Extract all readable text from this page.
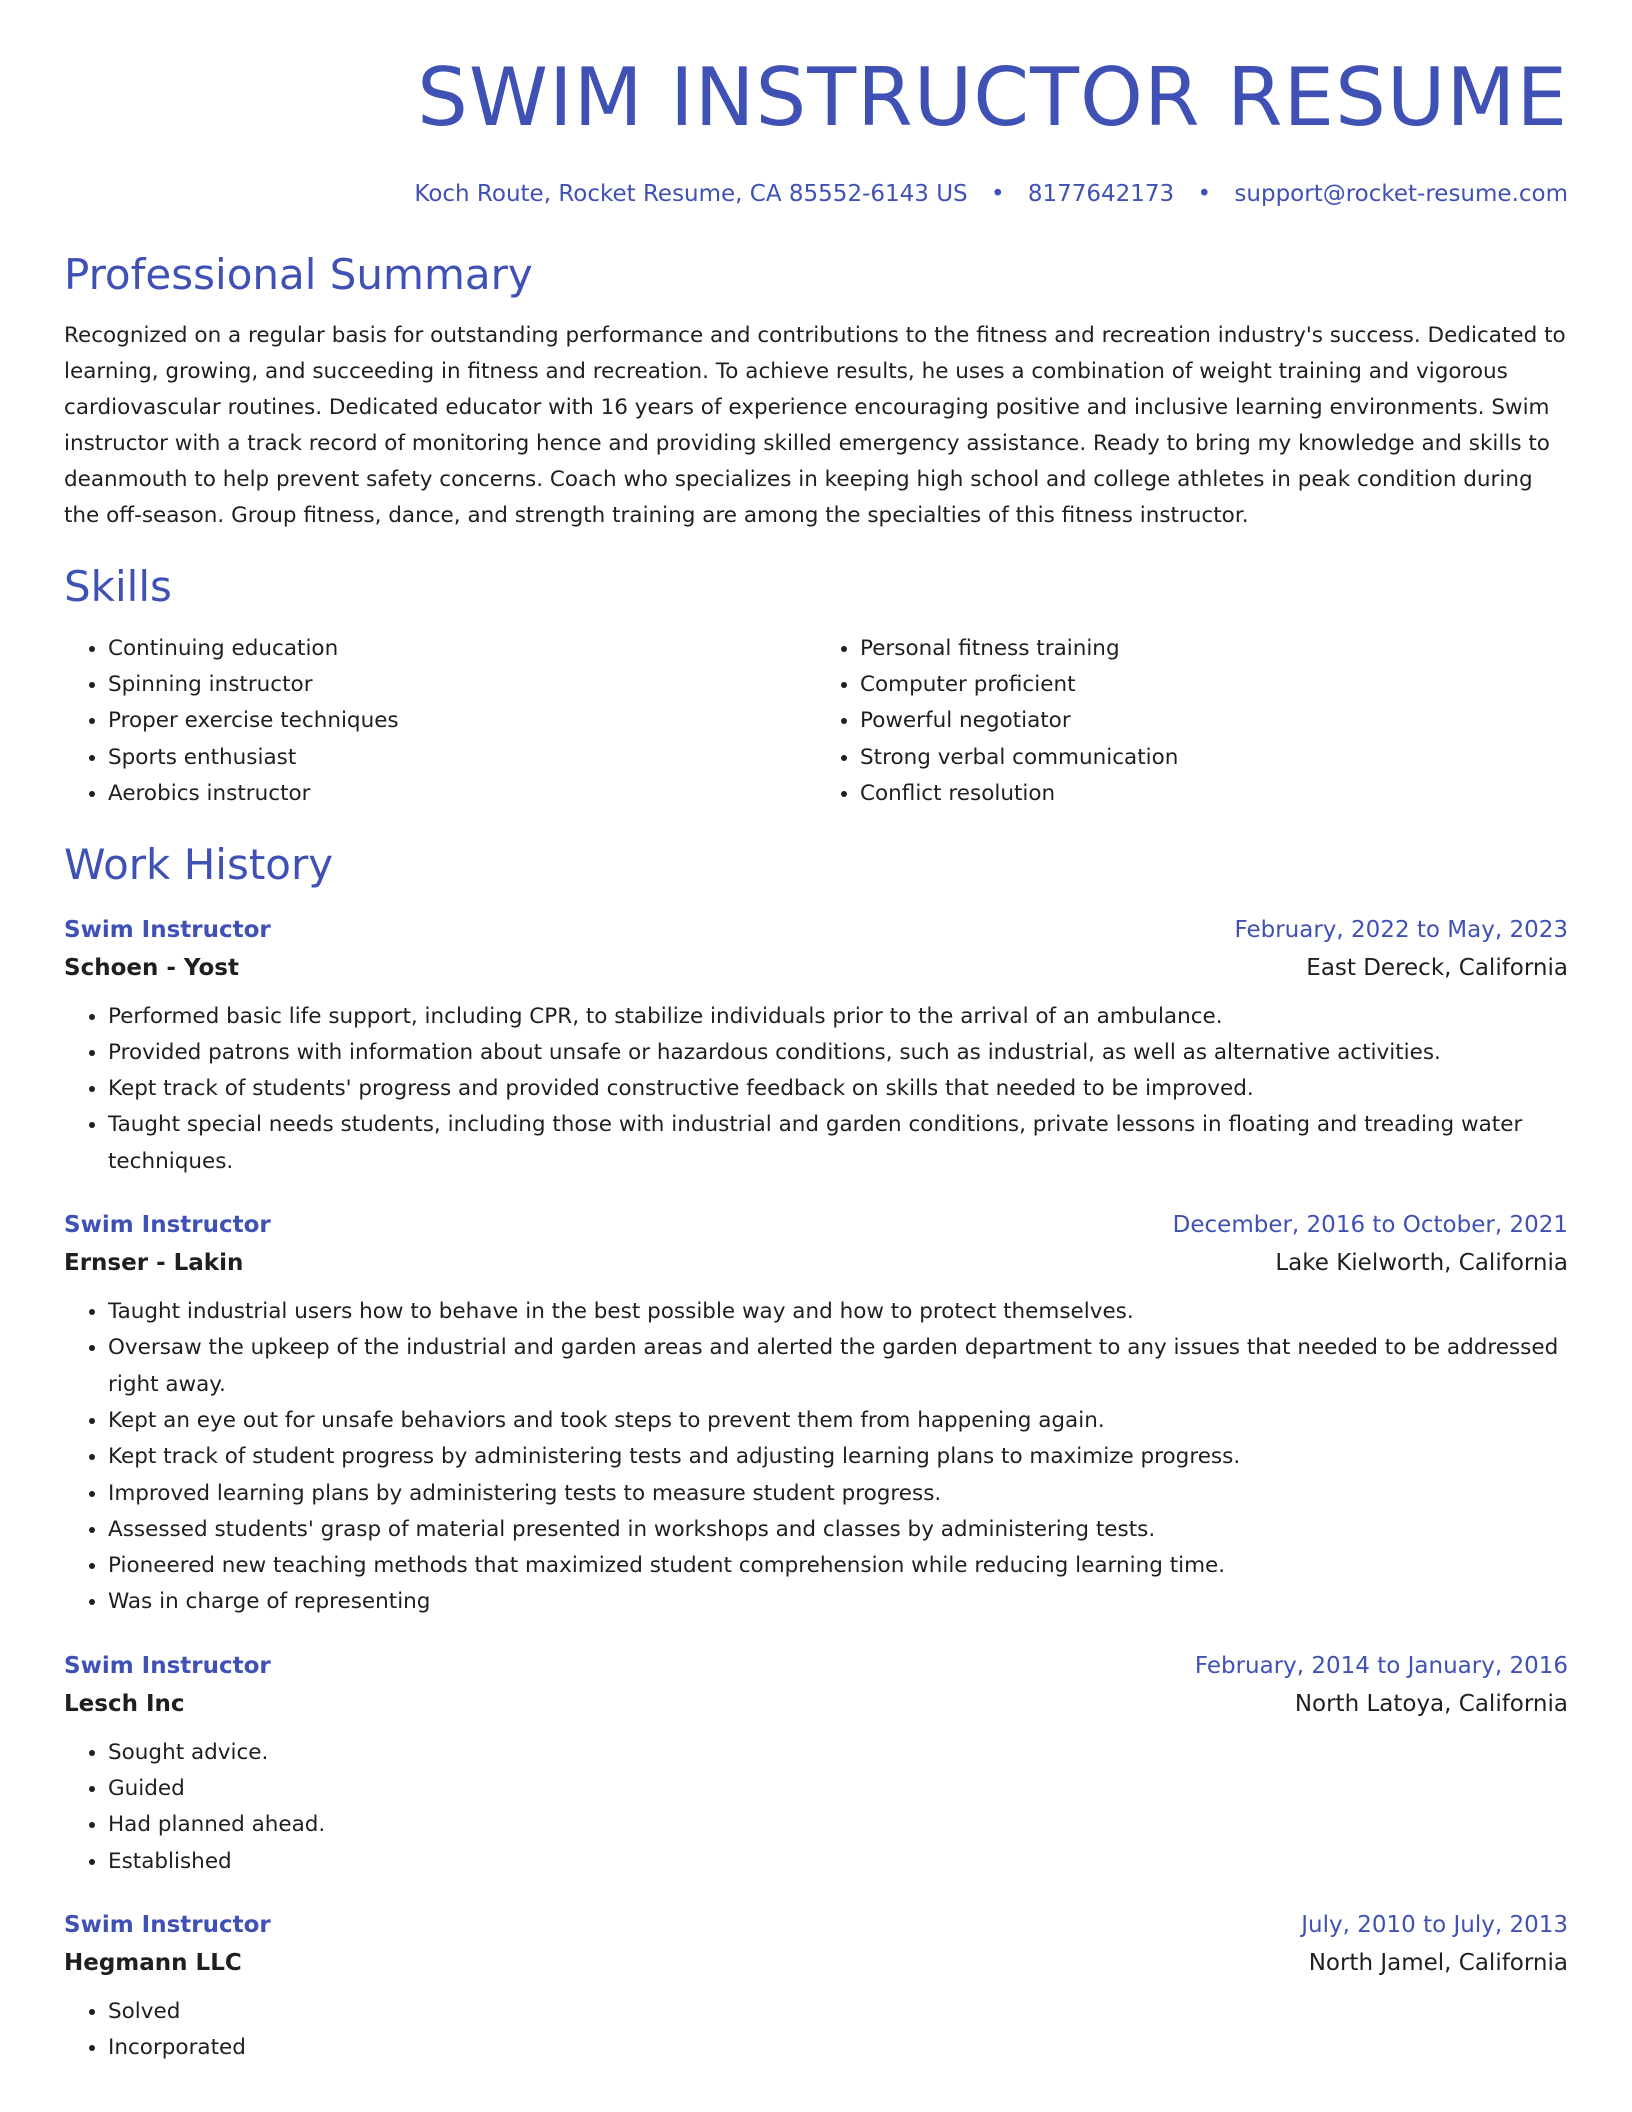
SWIM INSTRUCTOR RESUME
Koch Route, Rocket Resume, CA 85552-6143 US • 8177642173 • support@rocket-resume.com
Professional Summary
Recognized on a regular basis for outstanding performance and contributions to the fitness and recreation industry's success. Dedicated to learning, growing, and succeeding in fitness and recreation. To achieve results, he uses a combination of weight training and vigorous cardiovascular routines. Dedicated educator with 16 years of experience encouraging positive and inclusive learning environments. Swim instructor with a track record of monitoring hence and providing skilled emergency assistance. Ready to bring my knowledge and skills to deanmouth to help prevent safety concerns. Coach who specializes in keeping high school and college athletes in peak condition during the off-season. Group fitness, dance, and strength training are among the specialties of this fitness instructor.
Skills
• Continuing education
• Spinning instructor
• Proper exercise techniques
• Sports enthusiast
• Aerobics instructor
• Personal fitness training
• Computer proficient
• Powerful negotiator
• Strong verbal communication
• Conflict resolution
Work History
Swim Instructor	February, 2022 to May, 2023
Schoen - Yost	East Dereck, California
• Performed basic life support, including CPR, to stabilize individuals prior to the arrival of an ambulance.
• Provided patrons with information about unsafe or hazardous conditions, such as industrial, as well as alternative activities.
• Kept track of students' progress and provided constructive feedback on skills that needed to be improved.
• Taught special needs students, including those with industrial and garden conditions, private lessons in floating and treading water techniques.
Swim Instructor	December, 2016 to October, 2021
Ernser - Lakin	Lake Kielworth, California
• Taught industrial users how to behave in the best possible way and how to protect themselves.
• Oversaw the upkeep of the industrial and garden areas and alerted the garden department to any issues that needed to be addressed right away.
• Kept an eye out for unsafe behaviors and took steps to prevent them from happening again.
• Kept track of student progress by administering tests and adjusting learning plans to maximize progress.
• Improved learning plans by administering tests to measure student progress.
• Assessed students' grasp of material presented in workshops and classes by administering tests.
• Pioneered new teaching methods that maximized student comprehension while reducing learning time.
• Was in charge of representing
Swim Instructor	February, 2014 to January, 2016
Lesch Inc	North Latoya, California
• Sought advice.
• Guided
• Had planned ahead.
• Established
Swim Instructor	July, 2010 to July, 2013
Hegmann LLC	North Jamel, California
• Solved
• Incorporated
